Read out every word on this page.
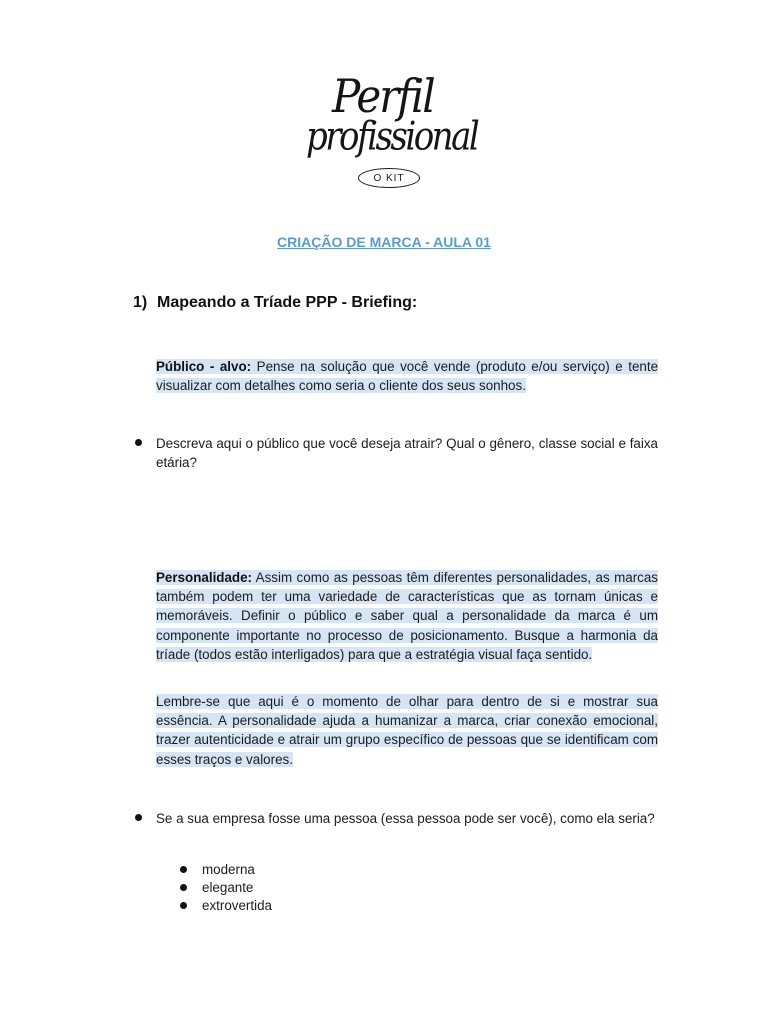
Perfil
profissional
O KIT
CRIAÇÃO DE MARCA - AULA 01
1) Mapeando a Tríade PPP - Briefing:
Público - alvo: Pense na solução que você vende (produto e/ou serviço) e tente visualizar com detalhes como seria o cliente dos seus sonhos.
Descreva aqui o público que você deseja atrair? Qual o gênero, classe social e faixa etária?
Personalidade: Assim como as pessoas têm diferentes personalidades, as marcas também podem ter uma variedade de características que as tornam únicas e memoráveis. Definir o público e saber qual a personalidade da marca é um componente importante no processo de posicionamento. Busque a harmonia da tríade (todos estão interligados) para que a estratégia visual faça sentido.
Lembre-se que aqui é o momento de olhar para dentro de si e mostrar sua essência. A personalidade ajuda a humanizar a marca, criar conexão emocional, trazer autenticidade e atrair um grupo específico de pessoas que se identificam com esses traços e valores.
Se a sua empresa fosse uma pessoa (essa pessoa pode ser você), como ela seria?
moderna
elegante
extrovertida
